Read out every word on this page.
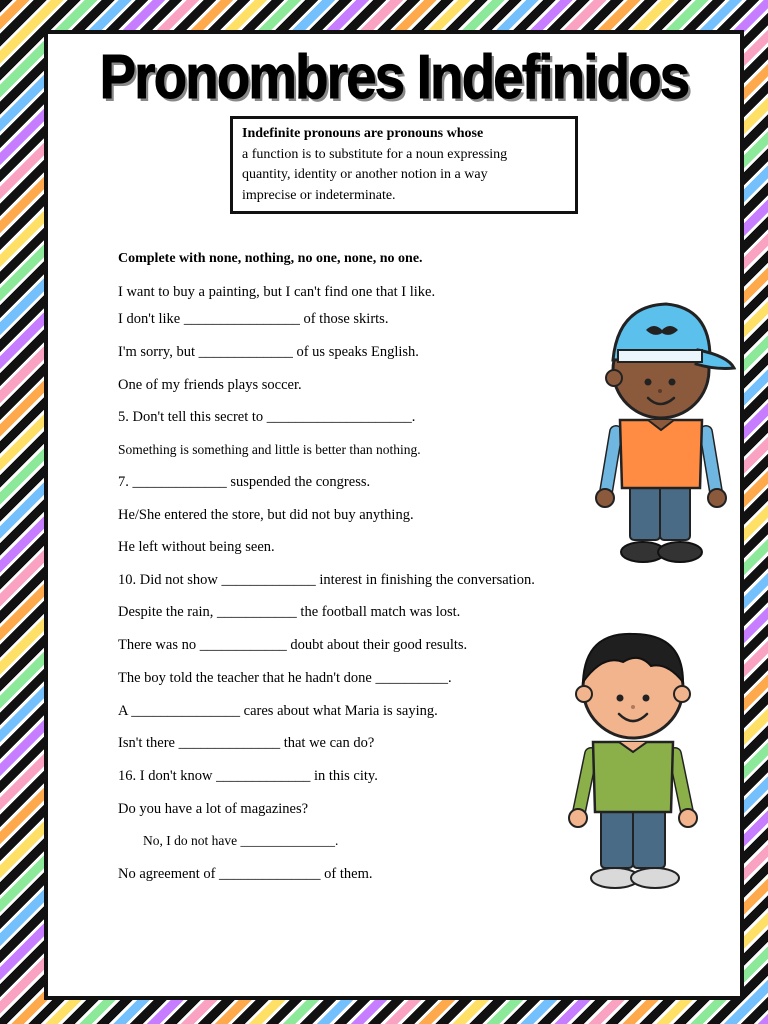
Pronombres Indefinidos
Indefinite pronouns are pronouns whose
a function is to substitute for a noun expressing
quantity, identity or another notion in a way
imprecise or indeterminate.
Complete with none, nothing, no one, none, no one.
I want to buy a painting, but I can't find one that I like.
I don't like ________________ of those skirts.
I'm sorry, but _____________ of us speaks English.
One of my friends plays soccer.
5. Don't tell this secret to ____________________.
Something is something and little is better than nothing.
7. _____________ suspended the congress.
He/She entered the store, but did not buy anything.
He left without being seen.
10. Did not show _____________ interest in finishing the conversation.
Despite the rain, ___________ the football match was lost.
There was no ____________ doubt about their good results.
The boy told the teacher that he hadn't done __________.
A _______________ cares about what Maria is saying.
Isn't there ______________ that we can do?
16. I don't know _____________ in this city.
Do you have a lot of magazines?
No, I do not have ______________.
No agreement of ______________ of them.
